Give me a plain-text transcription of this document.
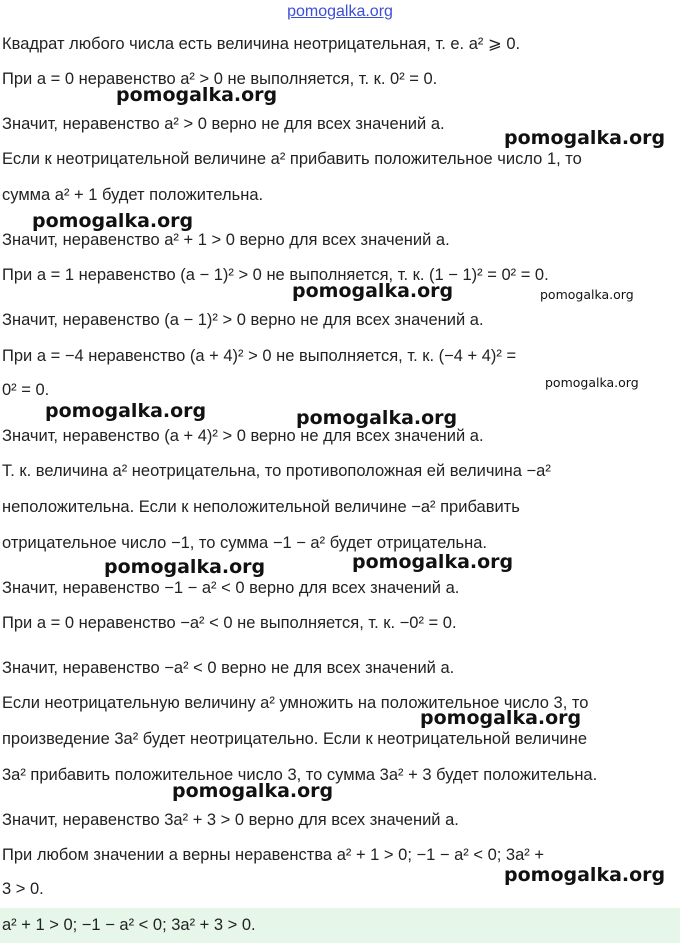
pomogalka.org
Квадрат любого числа есть величина неотрицательная, т. е. a² ⩾ 0.
При a = 0 неравенство a² > 0 не выполняется, т. к. 0² = 0.
Значит, неравенство a² > 0 верно не для всех значений a.
Если к неотрицательной величине a² прибавить положительное число 1, то
сумма a² + 1 будет положительна.
Значит, неравенство a² + 1 > 0 верно для всех значений a.
При a = 1 неравенство (a − 1)² > 0 не выполняется, т. к. (1 − 1)² = 0² = 0.
Значит, неравенство (a − 1)² > 0 верно не для всех значений a.
При a = −4 неравенство (a + 4)² > 0 не выполняется, т. к. (−4 + 4)² =
0² = 0.
Значит, неравенство (a + 4)² > 0 верно не для всех значений a.
Т. к. величина a² неотрицательна, то противоположная ей величина −a²
неположительна. Если к неположительной величине −a² прибавить
отрицательное число −1, то сумма −1 − a² будет отрицательна.
Значит, неравенство −1 − a² < 0 верно для всех значений a.
При a = 0 неравенство −a² < 0 не выполняется, т. к. −0² = 0.
Значит, неравенство −a² < 0 верно не для всех значений a.
Если неотрицательную величину a² умножить на положительное число 3, то
произведение 3a² будет неотрицательно. Если к неотрицательной величине
3a² прибавить положительное число 3, то сумма 3a² + 3 будет положительна.
Значит, неравенство 3a² + 3 > 0 верно для всех значений a.
При любом значении a верны неравенства a² + 1 > 0; −1 − a² < 0; 3a² +
3 > 0.
a² + 1 > 0; −1 − a² < 0; 3a² + 3 > 0.
pomogalka.org
pomogalka.org
pomogalka.org
pomogalka.org	pomogalka.org
pomogalka.org
pomogalka.org	pomogalka.org
pomogalka.org	pomogalka.org
pomogalka.org
pomogalka.org
pomogalka.org
